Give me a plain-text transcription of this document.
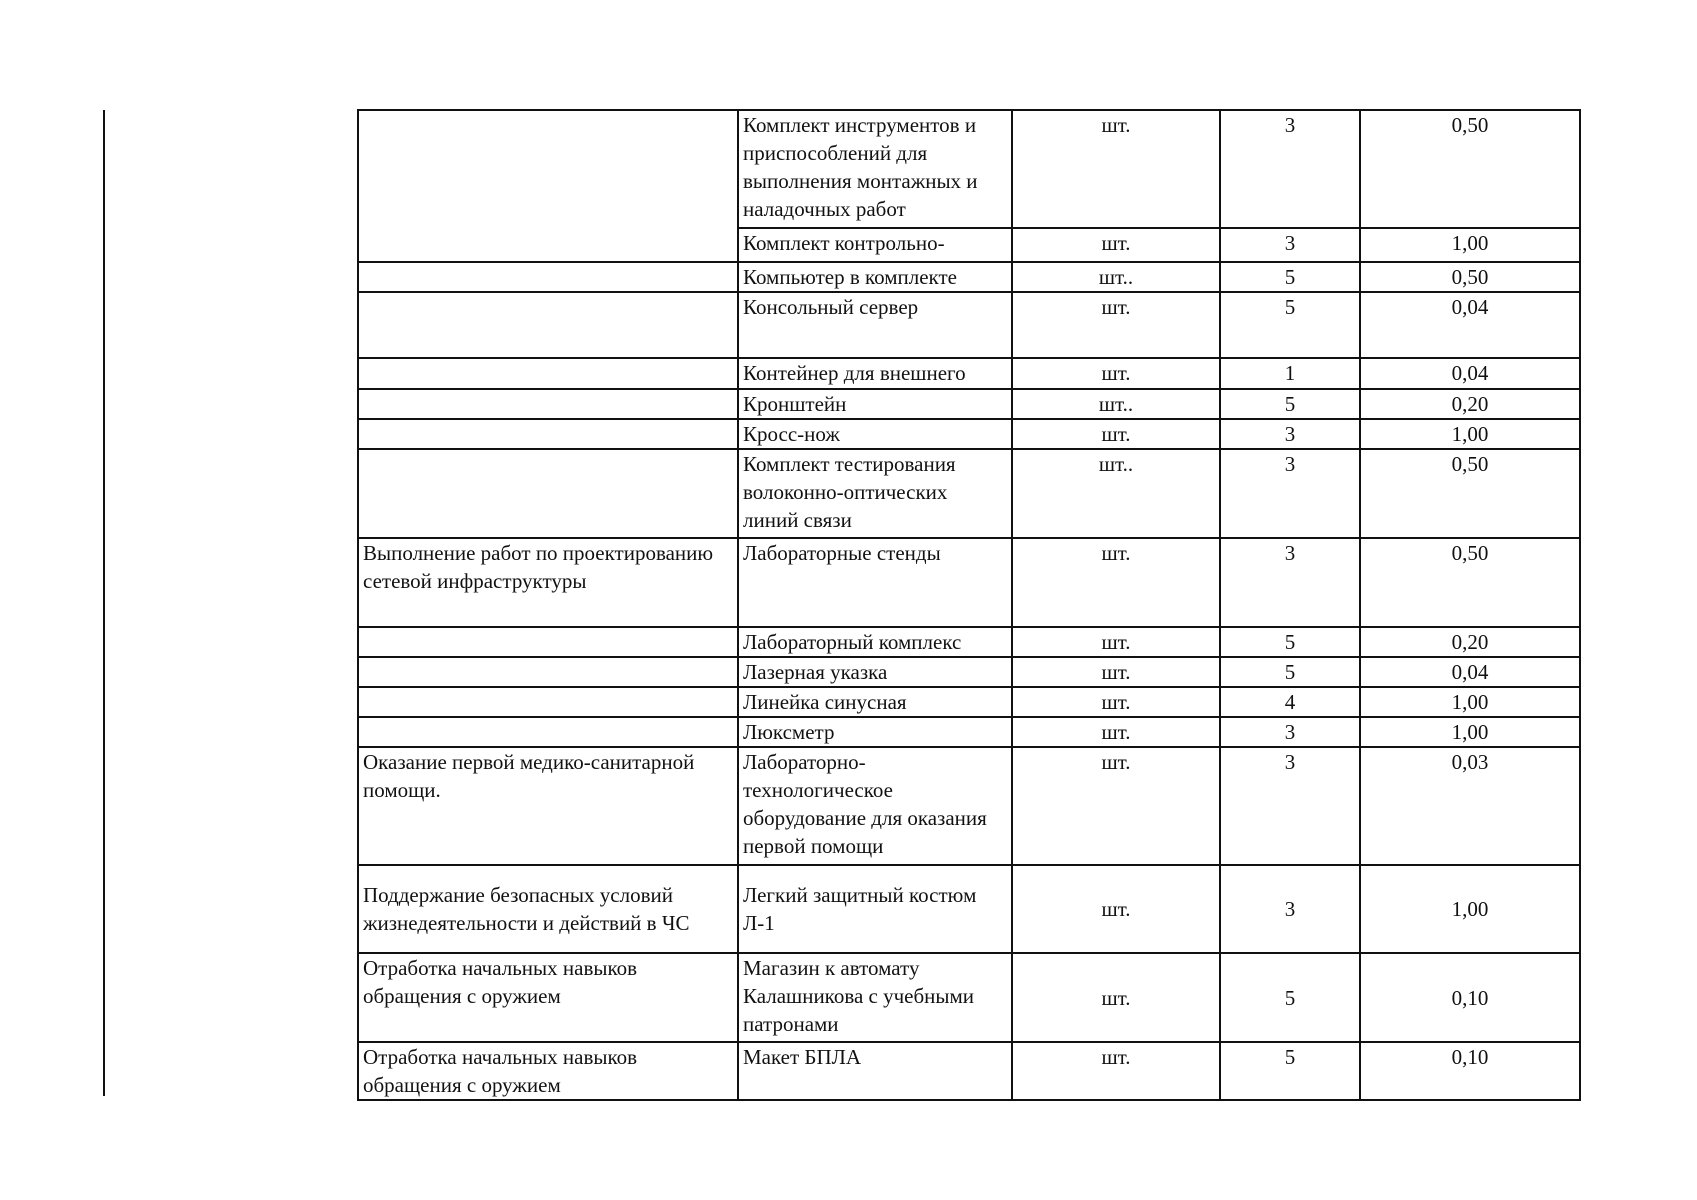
	Комплект инструментов и приспособлений для выполнения монтажных и наладочных работ	шт.	3	0,50
	Комплект контрольно-	шт.	3	1,00
	Компьютер в комплекте	шт..	5	0,50
	Консольный сервер	шт.	5	0,04
	Контейнер для внешнего	шт.	1	0,04
	Кронштейн	шт..	5	0,20
	Кросс-нож	шт.	3	1,00
	Комплект тестирования волоконно-оптических линий связи	шт..	3	0,50
Выполнение работ по проектированию сетевой инфраструктуры	Лабораторные стенды	шт.	3	0,50
	Лабораторный комплекс	шт.	5	0,20
	Лазерная указка	шт.	5	0,04
	Линейка синусная	шт.	4	1,00
	Люксметр	шт.	3	1,00
Оказание первой медико-санитарной помощи.	Лабораторно-технологическое оборудование для оказания первой помощи	шт.	3	0,03
Поддержание безопасных условий жизнедеятельности и действий в ЧС	Легкий защитный костюм Л-1	шт.	3	1,00
Отработка начальных навыков обращения с оружием	Магазин к автомату Калашникова с учебными патронами	шт.	5	0,10
Отработка начальных навыков обращения с оружием	Макет БПЛА	шт.	5	0,10
